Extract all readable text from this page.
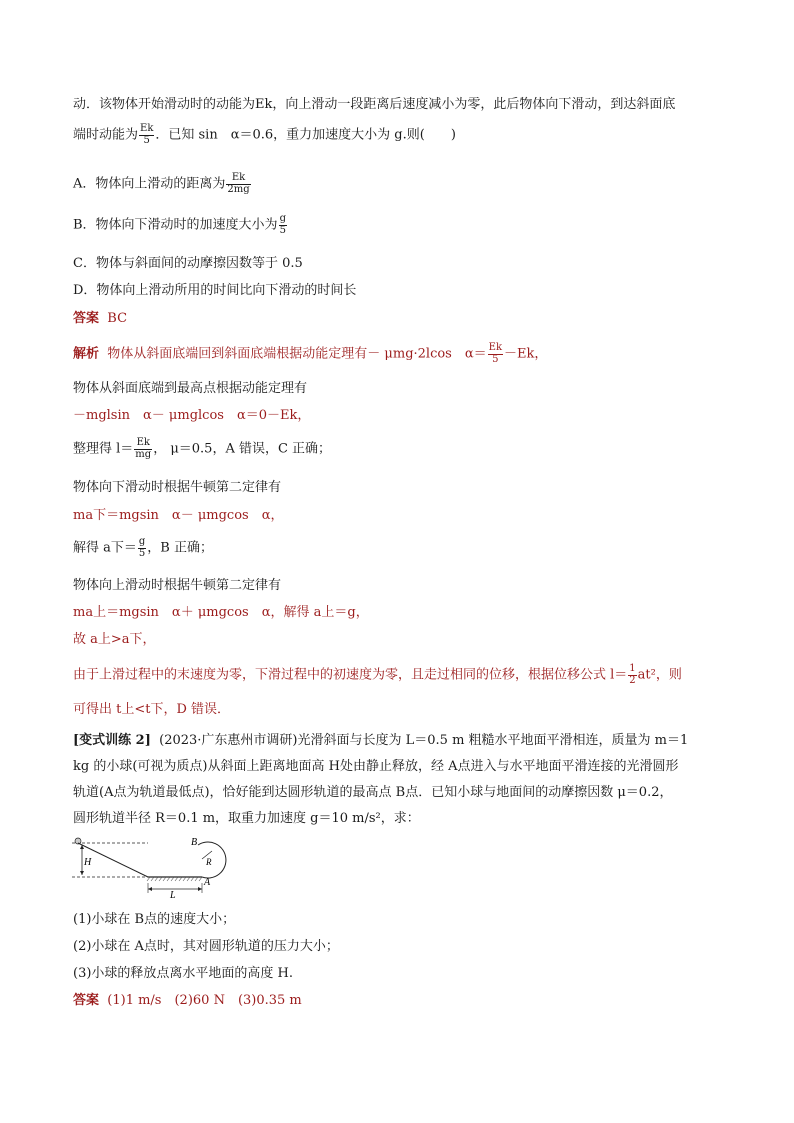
动．该物体开始滑动时的动能为Ek，向上滑动一段距离后速度减小为零，此后物体向下滑动，到达斜面底
端时动能为 $\frac{Ek}{5}$ ．已知 sin　α＝0.6，重力加速度大小为 g.则(　　)
A．物体向上滑动的距离为 $\frac{Ek}{2mg}$
B．物体向下滑动时的加速度大小为 $\frac{g}{5}$
C．物体与斜面间的动摩擦因数等于 0.5
D．物体向上滑动所用的时间比向下滑动的时间长
答案 BC
解析 物体从斜面底端回到斜面底端根据动能定理有－ μmg·2lcos　$\alpha= \frac{Ek}{5} -Ek$，
物体从斜面底端到最高点根据动能定理有
－mglsin　α－ μmglcos　α＝0－Ek，
整理得 $l= \frac{Ek}{mg}$ ， μ＝0.5，A 错误，C 正确；
物体向下滑动时根据牛顿第二定律有
ma下＝mgsin　α－ μmgcos　α，
解得 a下＝ $\frac{g}{5}$ ，B 正确；
物体向上滑动时根据牛顿第二定律有
ma上＝mgsin　α＋ μmgcos　α，解得 a上＝g，
故 a上>a下，
由于上滑过程中的末速度为零，下滑过程中的初速度为零，且走过相同的位移，根据位移公式 $l= \frac{1}{2} at^2$，则
可得出 t上<t下，D 错误．
[变式训练 2] (2023·广东惠州市调研)光滑斜面与长度为 L＝0.5 m 粗糙水平地面平滑相连，质量为 m＝1
kg 的小球(可视为质点)从斜面上距离地面高 H处由静止释放，经 A点进入与水平地面平滑连接的光滑圆形
轨道(A点为轨道最低点)，恰好能到达圆形轨道的最高点 B点．已知小球与地面间的动摩擦因数 μ＝0.2，
圆形轨道半径 R＝0.1 m，取重力加速度 g＝10 m/s²，求：
H
L
R
B
A
(1)小球在 B点的速度大小；
(2)小球在 A点时，其对圆形轨道的压力大小；
(3)小球的释放点离水平地面的高度 H.
答案 (1)1 m/s　(2)60 N　(3)0.35 m
